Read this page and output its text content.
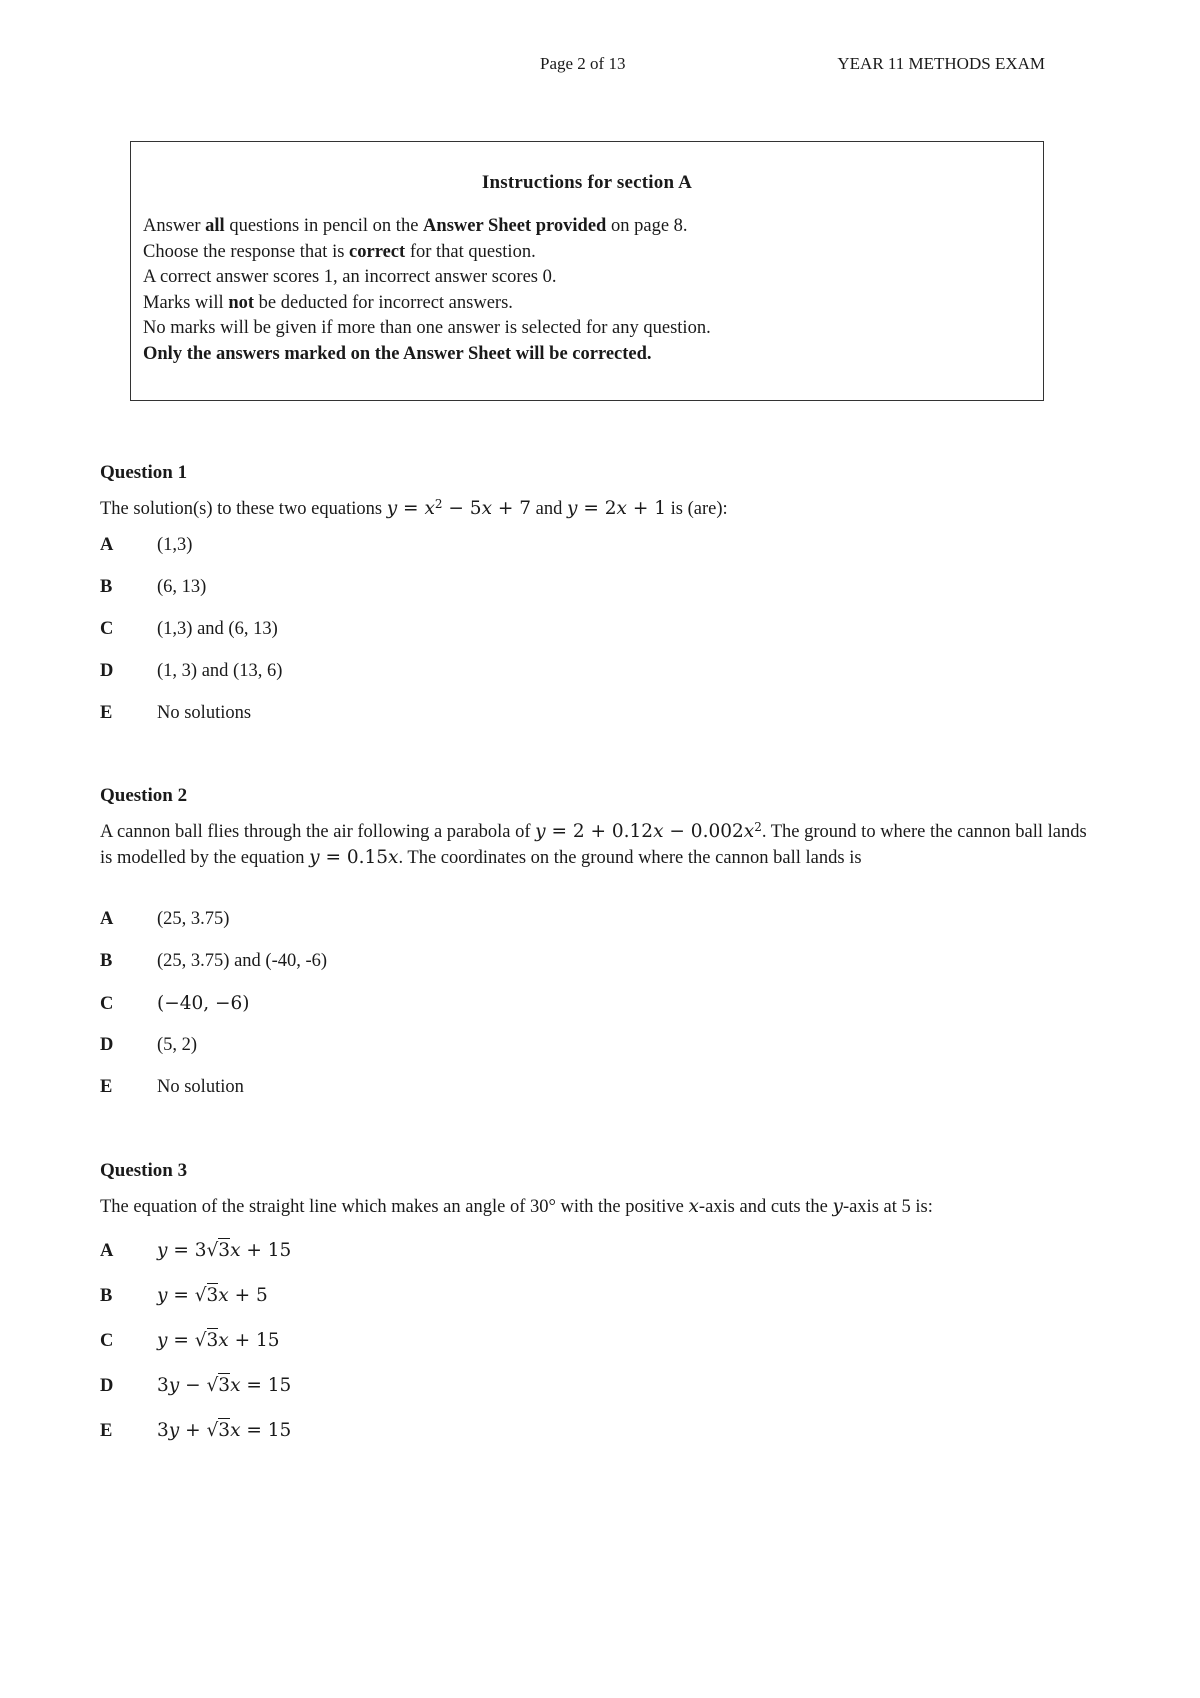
Page 2 of 13	YEAR 11 METHODS EXAM
Instructions for section A
Answer all questions in pencil on the Answer Sheet provided on page 8.
Choose the response that is correct for that question.
A correct answer scores 1, an incorrect answer scores 0.
Marks will not be deducted for incorrect answers.
No marks will be given if more than one answer is selected for any question.
Only the answers marked on the Answer Sheet will be corrected.
Question 1
The solution(s) to these two equations $y = x^2 - 5x + 7$ and y = 2x + 1 is (are):
A (1,3)
B (6, 13)
C (1,3) and (6, 13)
D (1, 3) and (13, 6)
E No solutions
Question 2
A cannon ball flies through the air following a parabola of $y = 2 + 0.12x - 0.002x^2$. The ground to where the cannon ball lands is modelled by the equation y = 0.15x. The coordinates on the ground where the cannon ball lands is
A (25, 3.75)
B (25, 3.75) and (-40, -6)
C (−40, −6)
D (5, 2)
E No solution
Question 3
The equation of the straight line which makes an angle of 30° with the positive x-axis and cuts the y-axis at 5 is:
A y = 3√3x + 15
B y = √3x + 5
C y = √3x + 15
D 3y − √3x = 15
E 3y + √3x = 15
